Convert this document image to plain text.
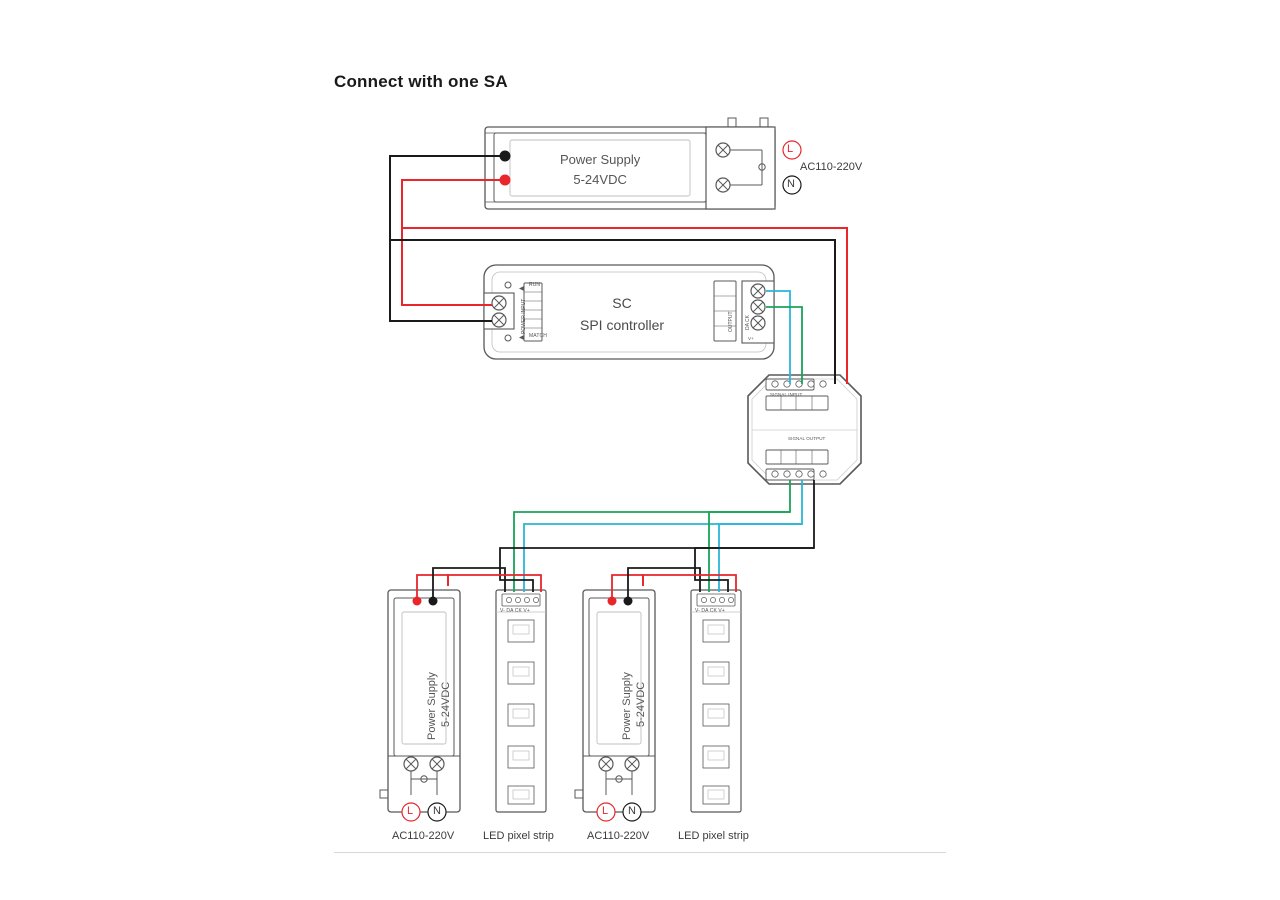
Connect with one SA
Power Supply
5-24VDC
L
N
AC110-220V
SC
SPI controller
RUN
MATCH
POWER INPUT	OUTPUT DA CK
V+
SIGNAL INPUT
SIGNAL OUTPUT
Power Supply 5-24VDC
L N
AC110-220V
Power Supply 5-24VDC
L N
AC110-220V
V- DA CK V+
LED pixel strip
V- DA CK V+
LED pixel strip
